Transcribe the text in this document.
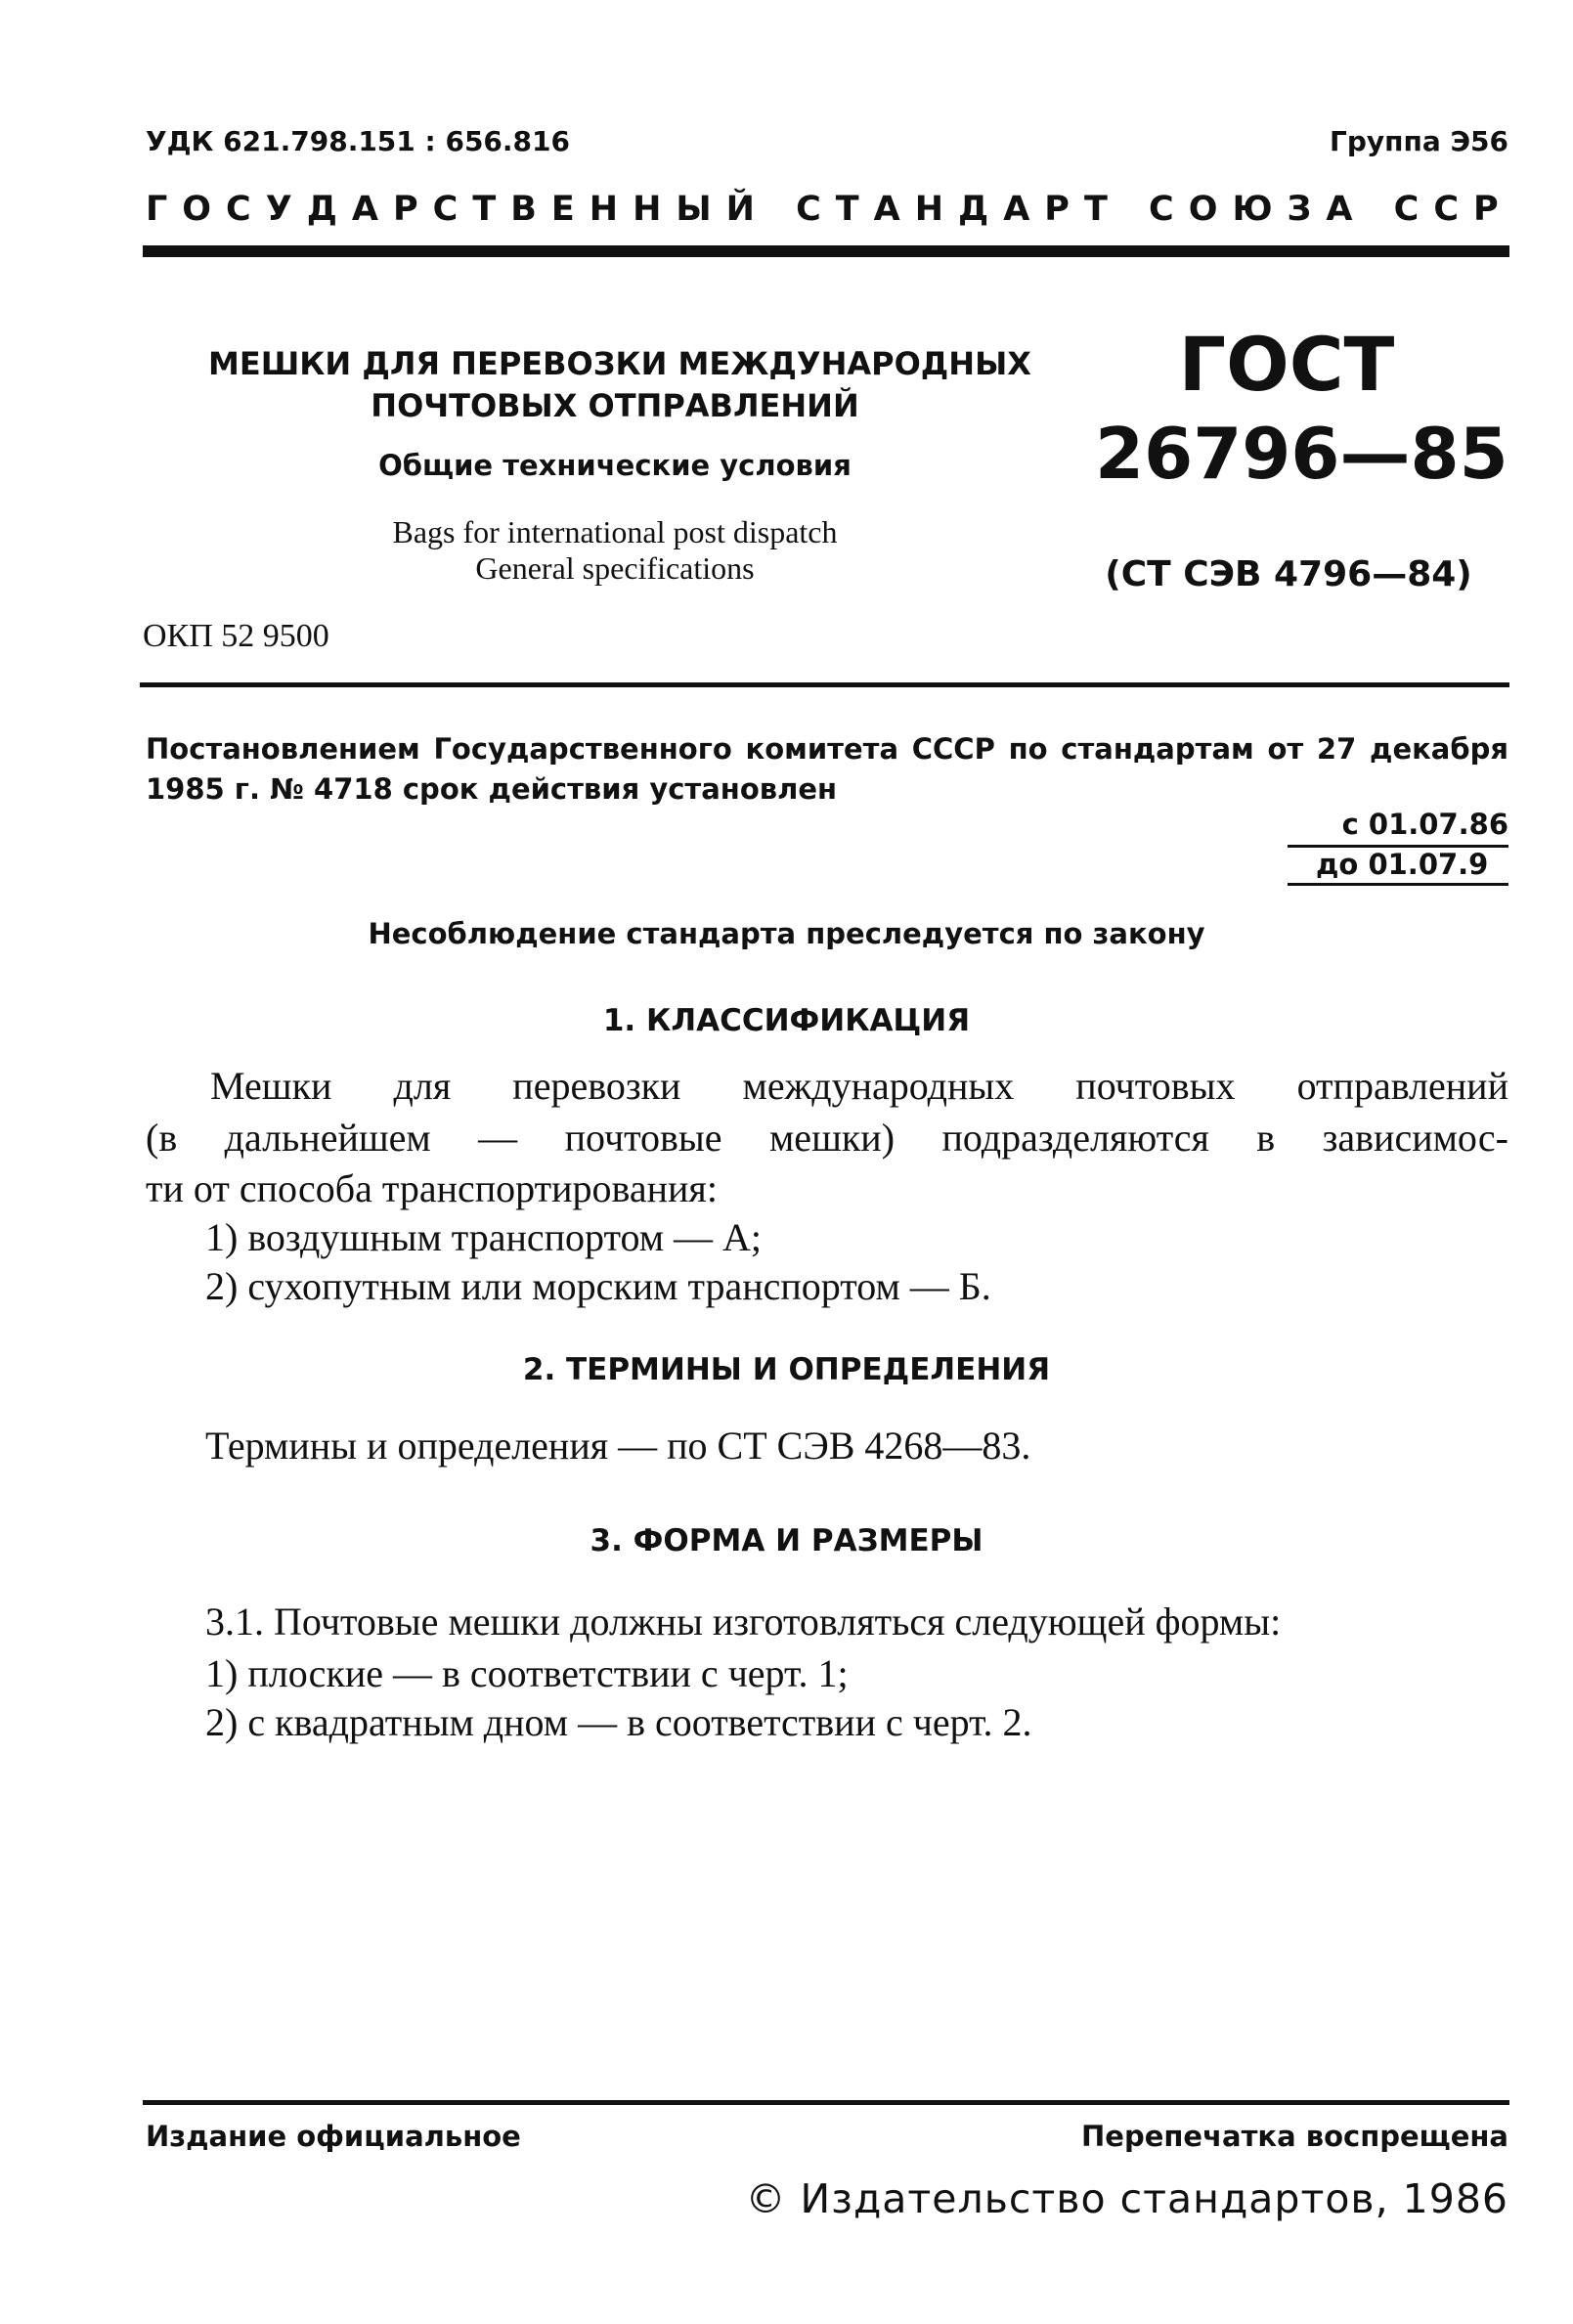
УДК 621.798.151 : 656.816	Группа Э56
ГОСУДАРСТВЕННЫЙ СТАНДАРТ СОЮЗА ССР
МЕШКИ ДЛЯ ПЕРЕВОЗКИ МЕЖДУНАРОДНЫХ
ПОЧТОВЫХ ОТПРАВЛЕНИЙ
Общие технические условия
Bags for international post dispatch
General specifications
ОКП 52 9500
ГОСТ
26796—85
(СТ СЭВ 4796—84)
Постановлением Государственного комитета СССР по стандартам от 27 декабря
1985 г. № 4718 срок действия установлен
с 01.07.86
до 01.07.9
Несоблюдение стандарта преследуется по закону
1. КЛАССИФИКАЦИЯ
Мешки для перевозки международных почтовых отправлений
(в дальнейшем — почтовые мешки) подразделяются в зависимос-
ти от способа транспортирования:
1) воздушным транспортом — А;
2) сухопутным или морским транспортом — Б.
2. ТЕРМИНЫ И ОПРЕДЕЛЕНИЯ
Термины и определения — по СТ СЭВ 4268—83.
3. ФОРМА И РАЗМЕРЫ
3.1. Почтовые мешки должны изготовляться следующей формы:
1) плоские — в соответствии с черт. 1;
2) с квадратным дном — в соответствии с черт. 2.
Издание официальное	Перепечатка воспрещена
© Издательство стандартов, 1986
